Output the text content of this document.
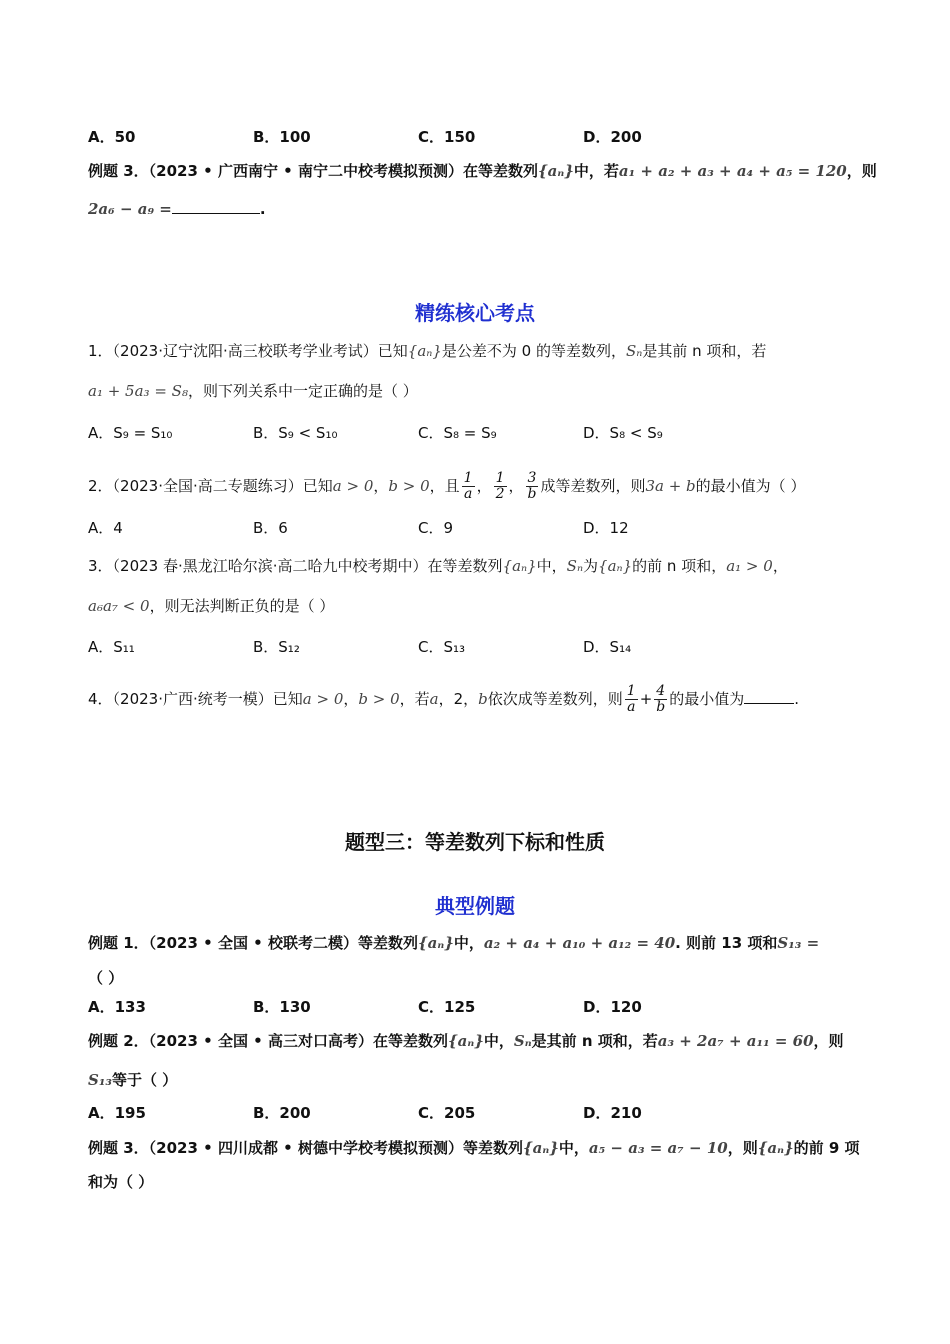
A．50	B．100	C．150	D．200
例题 3．（2023 • 广西南宁 • 南宁二中校考模拟预测）在等差数列{aₙ}中，若a₁ + a₂ + a₃ + a₄ + a₅ = 120，则
2a₆ − a₉ =	.
精练核心考点
1．（2023·辽宁沈阳·高三校联考学业考试）已知{aₙ}是公差不为 0 的等差数列，Sₙ是其前 n 项和，若
a₁ + 5a₃ = S₈，则下列关系中一定正确的是（ ）
A．S₉ = S₁₀	B．S₉ < S₁₀	C．S₈ = S₉	D．S₈ < S₉
2．（2023·全国·高二专题练习）已知a > 0，b > 0，且 $\frac{1}{a}$ ， $\frac{1}{2}$ ， $\frac{3}{b}$ 成等差数列，则3a + b的最小值为（ ）
A．4	B．6	C．9	D．12
3．（2023 春·黑龙江哈尔滨·高二哈九中校考期中）在等差数列{aₙ}中，Sₙ为{aₙ}的前 n 项和，a₁ > 0，
a₆a₇ < 0，则无法判断正负的是（ ）
A．S₁₁	B．S₁₂	C．S₁₃	D．S₁₄
4．（2023·广西·统考一模）已知a > 0，b > 0，若a，2，b依次成等差数列，则 $\frac{1}{a} + \frac{4}{b}$ 的最小值为	.
题型三：等差数列下标和性质
典型例题
例题 1．（2023 • 全国 • 校联考二模）等差数列{aₙ}中，a₂ + a₄ + a₁₀ + a₁₂ = 40. 则前 13 项和S₁₃ =
（ ）
A．133	B．130	C．125	D．120
例题 2．（2023 • 全国 • 高三对口高考）在等差数列{aₙ}中，Sₙ是其前 n 项和，若a₃ + 2a₇ + a₁₁ = 60，则
S₁₃等于（ ）
A．195	B．200	C．205	D．210
例题 3．（2023 • 四川成都 • 树德中学校考模拟预测）等差数列{aₙ}中，a₅ − a₃ = a₇ − 10，则{aₙ}的前 9 项
和为（ ）
